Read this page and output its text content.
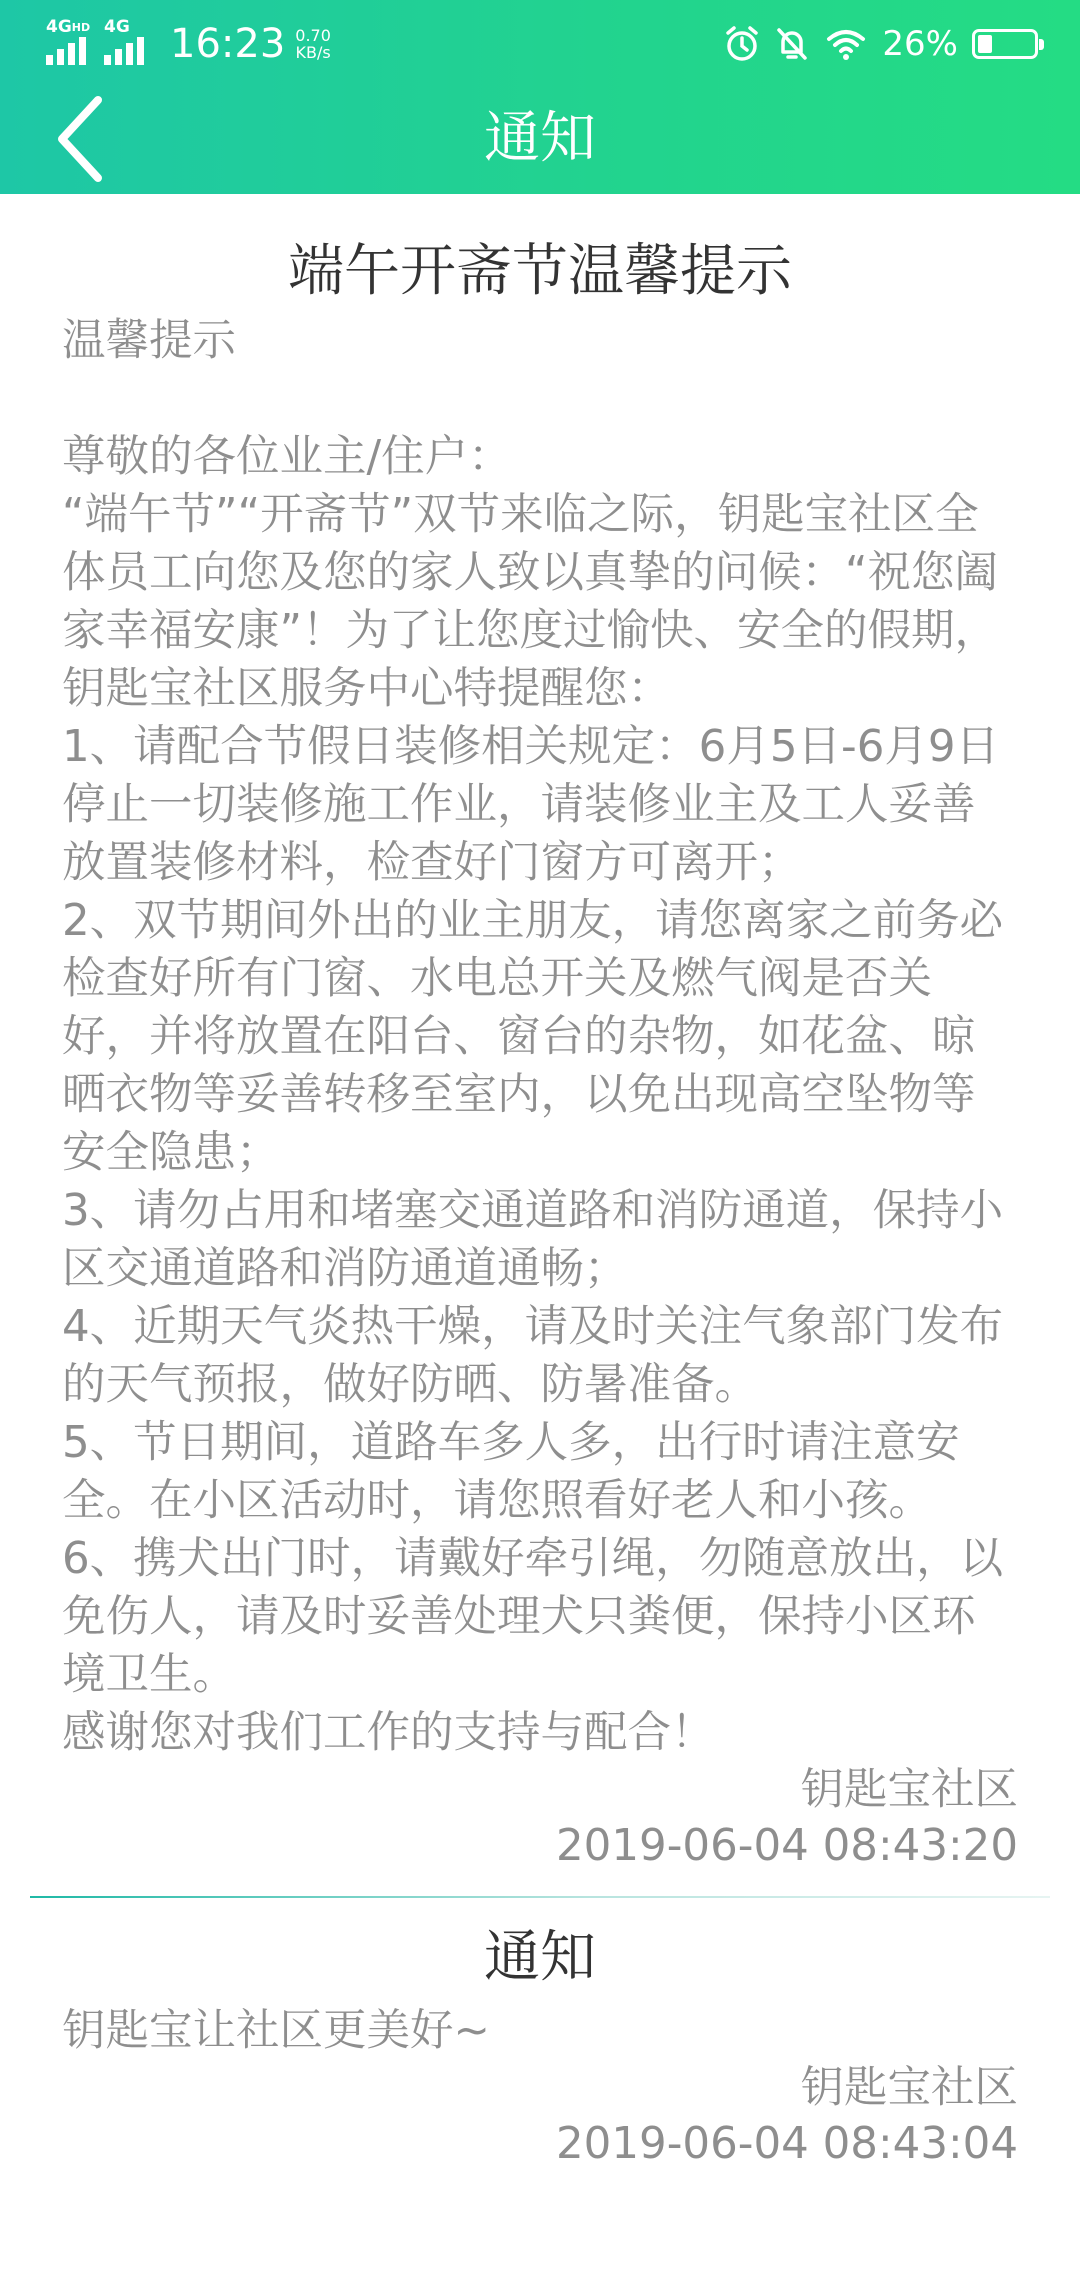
$4G^{HD}$ 4G 16:23 0.70
KB/s	26%
通知
端午开斋节温馨提示

温馨提示

尊敬的各位业主/住户：

“端午节”“开斋节”双节来临之际，钥匙宝社区全体员工向您及您的家人致以真挚的问候：“祝您阖家幸福安康”！为了让您度过愉快、安全的假期，钥匙宝社区服务中心特提醒您：

1、请配合节假日装修相关规定：6月5日-6月9日停止一切装修施工作业，请装修业主及工人妥善放置装修材料，检查好门窗方可离开；

2、双节期间外出的业主朋友，请您离家之前务必检查好所有门窗、水电总开关及燃气阀是否关好，并将放置在阳台、窗台的杂物，如花盆、晾晒衣物等妥善转移至室内，以免出现高空坠物等安全隐患；

3、请勿占用和堵塞交通道路和消防通道，保持小区交通道路和消防通道通畅；

4、近期天气炎热干燥，请及时关注气象部门发布的天气预报，做好防晒、防暑准备。

5、节日期间，道路车多人多，出行时请注意安全。在小区活动时，请您照看好老人和小孩。

6、携犬出门时，请戴好牵引绳，勿随意放出，以免伤人，请及时妥善处理犬只粪便，保持小区环境卫生。

感谢您对我们工作的支持与配合！

钥匙宝社区
2019-06-04 08:43:20
通知

钥匙宝让社区更美好~

钥匙宝社区
2019-06-04 08:43:04
